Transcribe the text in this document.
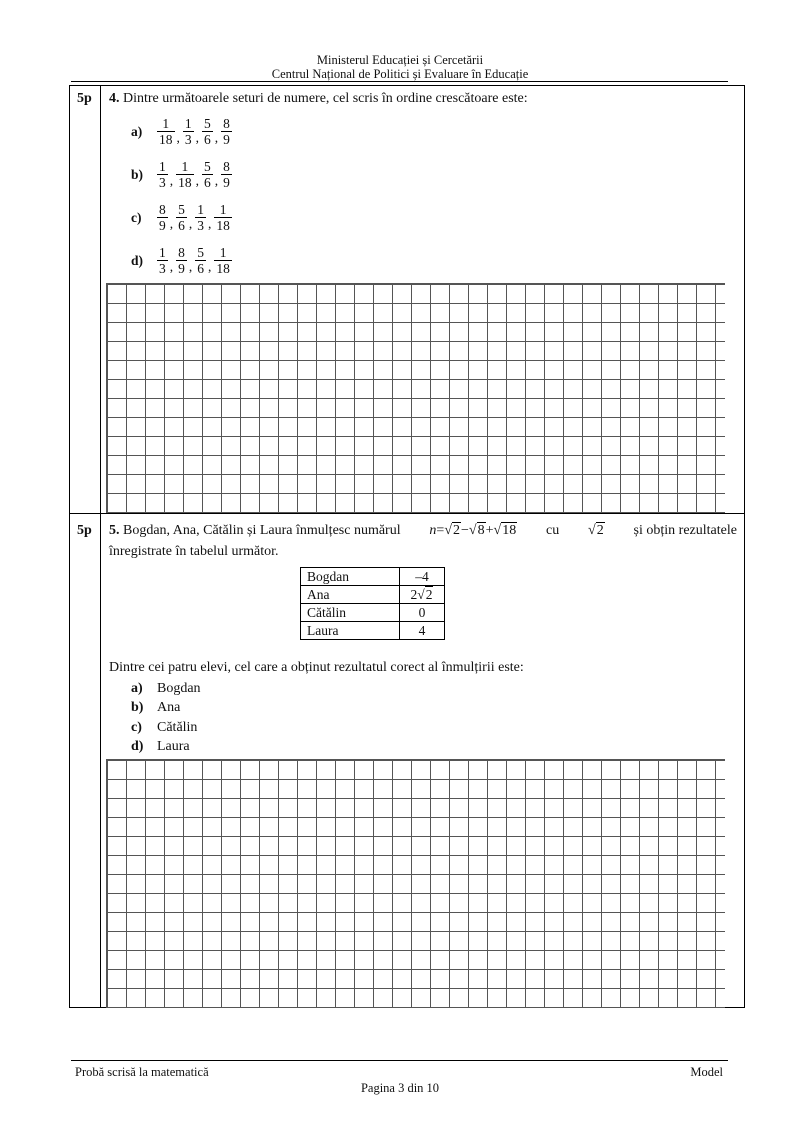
Ministerul Educației și Cercetării
Centrul Național de Politici și Evaluare în Educație
5p 4. Dintre următoarele seturi de numere, cel scris în ordine crescătoare este:
a)	$\frac{1}{18}$ , $\frac{1}{3}$ , $\frac{5}{6}$ , $\frac{8}{9}$
b)	$\frac{1}{3}$ , $\frac{1}{18}$ , $\frac{5}{6}$ , $\frac{8}{9}$
c)	$\frac{8}{9}$ , $\frac{5}{6}$ , $\frac{1}{3}$ , $\frac{1}{18}$
d)	$\frac{1}{3}$ , $\frac{8}{9}$ , $\frac{5}{6}$ , $\frac{1}{18}$
5p 5. Bogdan, Ana, Cătălin și Laura înmulțesc numărul n=√2−√8+√18 cu √2 și obțin rezultatele
înregistrate în tabelul următor.
Bogdan	–4
Ana	2√2
Cătălin	0
Laura	4
Dintre cei patru elevi, cel care a obținut rezultatul corect al înmulțirii este:
a) Bogdan
b) Ana
c) Cătălin
d) Laura
Probă scrisă la matematică	Model
Pagina 3 din 10
